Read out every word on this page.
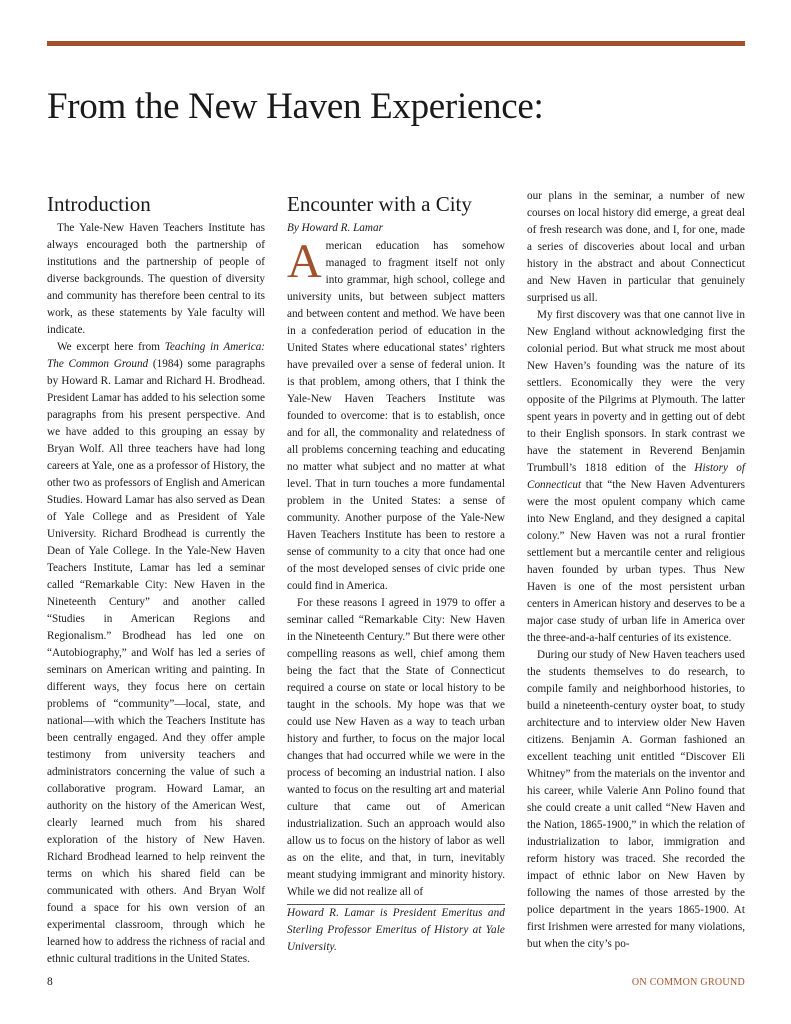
From the New Haven Experience:
Introduction

The Yale-New Haven Teachers Institute has always encouraged both the partnership of institutions and the partnership of people of diverse backgrounds. The question of diversity and community has therefore been central to its work, as these statements by Yale faculty will indicate.

We excerpt here from Teaching in America: The Common Ground (1984) some paragraphs by Howard R. Lamar and Richard H. Brodhead. President Lamar has added to his selection some paragraphs from his present perspective. And we have added to this grouping an essay by Bryan Wolf. All three teachers have had long careers at Yale, one as a professor of History, the other two as professors of English and American Studies. Howard Lamar has also served as Dean of Yale College and as President of Yale University. Richard Brodhead is currently the Dean of Yale College. In the Yale-New Haven Teachers Institute, Lamar has led a seminar called “Remarkable City: New Haven in the Nineteenth Century” and another called “Studies in American Regions and Regionalism.” Brodhead has led one on “Autobiography,” and Wolf has led a series of seminars on American writing and painting. In different ways, they focus here on certain problems of “community”—local, state, and national—with which the Teachers Institute has been centrally engaged. And they offer ample testimony from university teachers and administrators concerning the value of such a collaborative program. Howard Lamar, an authority on the history of the American West, clearly learned much from his shared exploration of the history of New Haven. Richard Brodhead learned to help reinvent the terms on which his shared field can be communicated with others. And Bryan Wolf found a space for his own version of an experimental classroom, through which he learned how to address the richness of racial and ethnic cultural traditions in the United States.

Encounter with a City
By Howard R. Lamar

American education has somehow managed to fragment itself not only into grammar, high school, college and university units, but between subject matters and between content and method. We have been in a confederation period of education in the United States where educational states’ righters have prevailed over a sense of federal union. It is that problem, among others, that I think the Yale-New Haven Teachers Institute was founded to overcome: that is to establish, once and for all, the commonality and relatedness of all problems concerning teaching and educating no matter what subject and no matter at what level. That in turn touches a more fundamental problem in the United States: a sense of community. Another purpose of the Yale-New Haven Teachers Institute has been to restore a sense of community to a city that once had one of the most developed senses of civic pride one could find in America.

For these reasons I agreed in 1979 to offer a seminar called “Remarkable City: New Haven in the Nineteenth Century.” But there were other compelling reasons as well, chief among them being the fact that the State of Connecticut required a course on state or local history to be taught in the schools. My hope was that we could use New Haven as a way to teach urban history and further, to focus on the major local changes that had occurred while we were in the process of becoming an industrial nation. I also wanted to focus on the resulting art and material culture that came out of American industrialization. Such an approach would also allow us to focus on the history of labor as well as on the elite, and that, in turn, inevitably meant studying immigrant and minority history. While we did not realize all of

Howard R. Lamar is President Emeritus and Sterling Professor Emeritus of History at Yale University.

our plans in the seminar, a number of new courses on local history did emerge, a great deal of fresh research was done, and I, for one, made a series of discoveries about local and urban history in the abstract and about Connecticut and New Haven in particular that genuinely surprised us all.

My first discovery was that one cannot live in New England without acknowledging first the colonial period. But what struck me most about New Haven’s founding was the nature of its settlers. Economically they were the very opposite of the Pilgrims at Plymouth. The latter spent years in poverty and in getting out of debt to their English sponsors. In stark contrast we have the statement in Reverend Benjamin Trumbull’s 1818 edition of the History of Connecticut that “the New Haven Adventurers were the most opulent company which came into New England, and they designed a capital colony.” New Haven was not a rural frontier settlement but a mercantile center and religious haven founded by urban types. Thus New Haven is one of the most persistent urban centers in American history and deserves to be a major case study of urban life in America over the three-and-a-half centuries of its existence.

During our study of New Haven teachers used the students themselves to do research, to compile family and neighborhood histories, to build a nineteenth-century oyster boat, to study architecture and to interview older New Haven citizens. Benjamin A. Gorman fashioned an excellent teaching unit entitled “Discover Eli Whitney” from the materials on the inventor and his career, while Valerie Ann Polino found that she could create a unit called “New Haven and the Nation, 1865-1900,” in which the relation of industrialization to labor, immigration and reform history was traced. She recorded the impact of ethnic labor on New Haven by following the names of those arrested by the police department in the years 1865-1900. At first Irishmen were arrested for many violations, but when the city’s po-

8	ON COMMON GROUND
